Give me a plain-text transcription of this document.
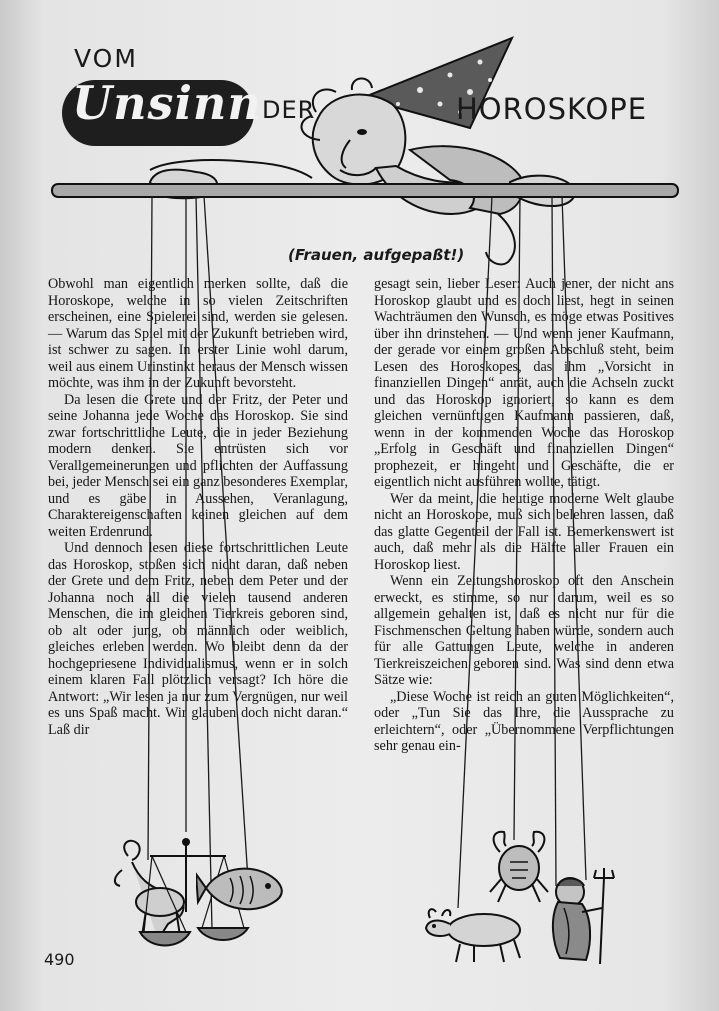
VOM
Unsinn DER	HOROSKOPE
(Frauen, aufgepaßt!)

Obwohl man eigentlich merken sollte, daß die Horoskope, welche in so vielen Zeitschriften erscheinen, eine Spielerei sind, werden sie gelesen. — Warum das Spiel mit der Zukunft betrieben wird, ist schwer zu sagen. In erster Linie wohl darum, weil aus einem Urinstinkt heraus der Mensch wissen möchte, was ihm in der Zukunft bevorsteht.

Da lesen die Grete und der Fritz, der Peter und seine Johanna jede Woche das Horoskop. Sie sind zwar fortschrittliche Leute, die in jeder Beziehung modern denken. Sie entrüsten sich vor Verallgemeinerungen und pflichten der Auffassung bei, jeder Mensch sei ein ganz besonderes Exemplar, und es gäbe in Aussehen, Veranlagung, Charaktereigenschaften keinen gleichen auf dem weiten Erdenrund.

Und dennoch lesen diese fortschrittlichen Leute das Horoskop, stoßen sich nicht daran, daß neben der Grete und dem Fritz, neben dem Peter und der Johanna noch all die vielen tausend anderen Menschen, die im gleichen Tierkreis geboren sind, ob alt oder jung, ob männlich oder weiblich, gleiches erleben werden. Wo bleibt denn da der hochgepriesene Individualismus, wenn er in solch einem klaren Fall plötzlich versagt? Ich höre die Antwort: „Wir lesen ja nur zum Vergnügen, nur weil es uns Spaß macht. Wir glauben doch nicht daran.“ Laß dir

gesagt sein, lieber Leser: Auch jener, der nicht ans Horoskop glaubt und es doch liest, hegt in seinen Wachträumen den Wunsch, es möge etwas Positives über ihn drinstehen. — Und wenn jener Kaufmann, der gerade vor einem großen Abschluß steht, beim Lesen des Horoskopes, das ihm „Vorsicht in finanziellen Dingen“ anrät, auch die Achseln zuckt und das Horoskop ignoriert, so kann es dem gleichen vernünftigen Kaufmann passieren, daß, wenn in der kommenden Woche das Horoskop „Erfolg in Geschäft und finanziellen Dingen“ prophezeit, er hingeht und Geschäfte, die er eigentlich nicht ausführen wollte, tätigt.

Wer da meint, die heutige moderne Welt glaube nicht an Horoskope, muß sich belehren lassen, daß das glatte Gegenteil der Fall ist. Bemerkenswert ist auch, daß mehr als die Hälfte aller Frauen ein Horoskop liest.

Wenn ein Zeitungshoroskop oft den Anschein erweckt, es stimme, so nur darum, weil es so allgemein gehalten ist, daß es nicht nur für die Fischmenschen Geltung haben würde, sondern auch für alle Gattungen Leute, welche in anderen Tierkreiszeichen geboren sind. Was sind denn etwa Sätze wie:

„Diese Woche ist reich an guten Möglichkeiten“, oder „Tun Sie das Ihre, die Aussprache zu erleichtern“, oder „Übernommene Verpflichtungen sehr genau ein-

490
